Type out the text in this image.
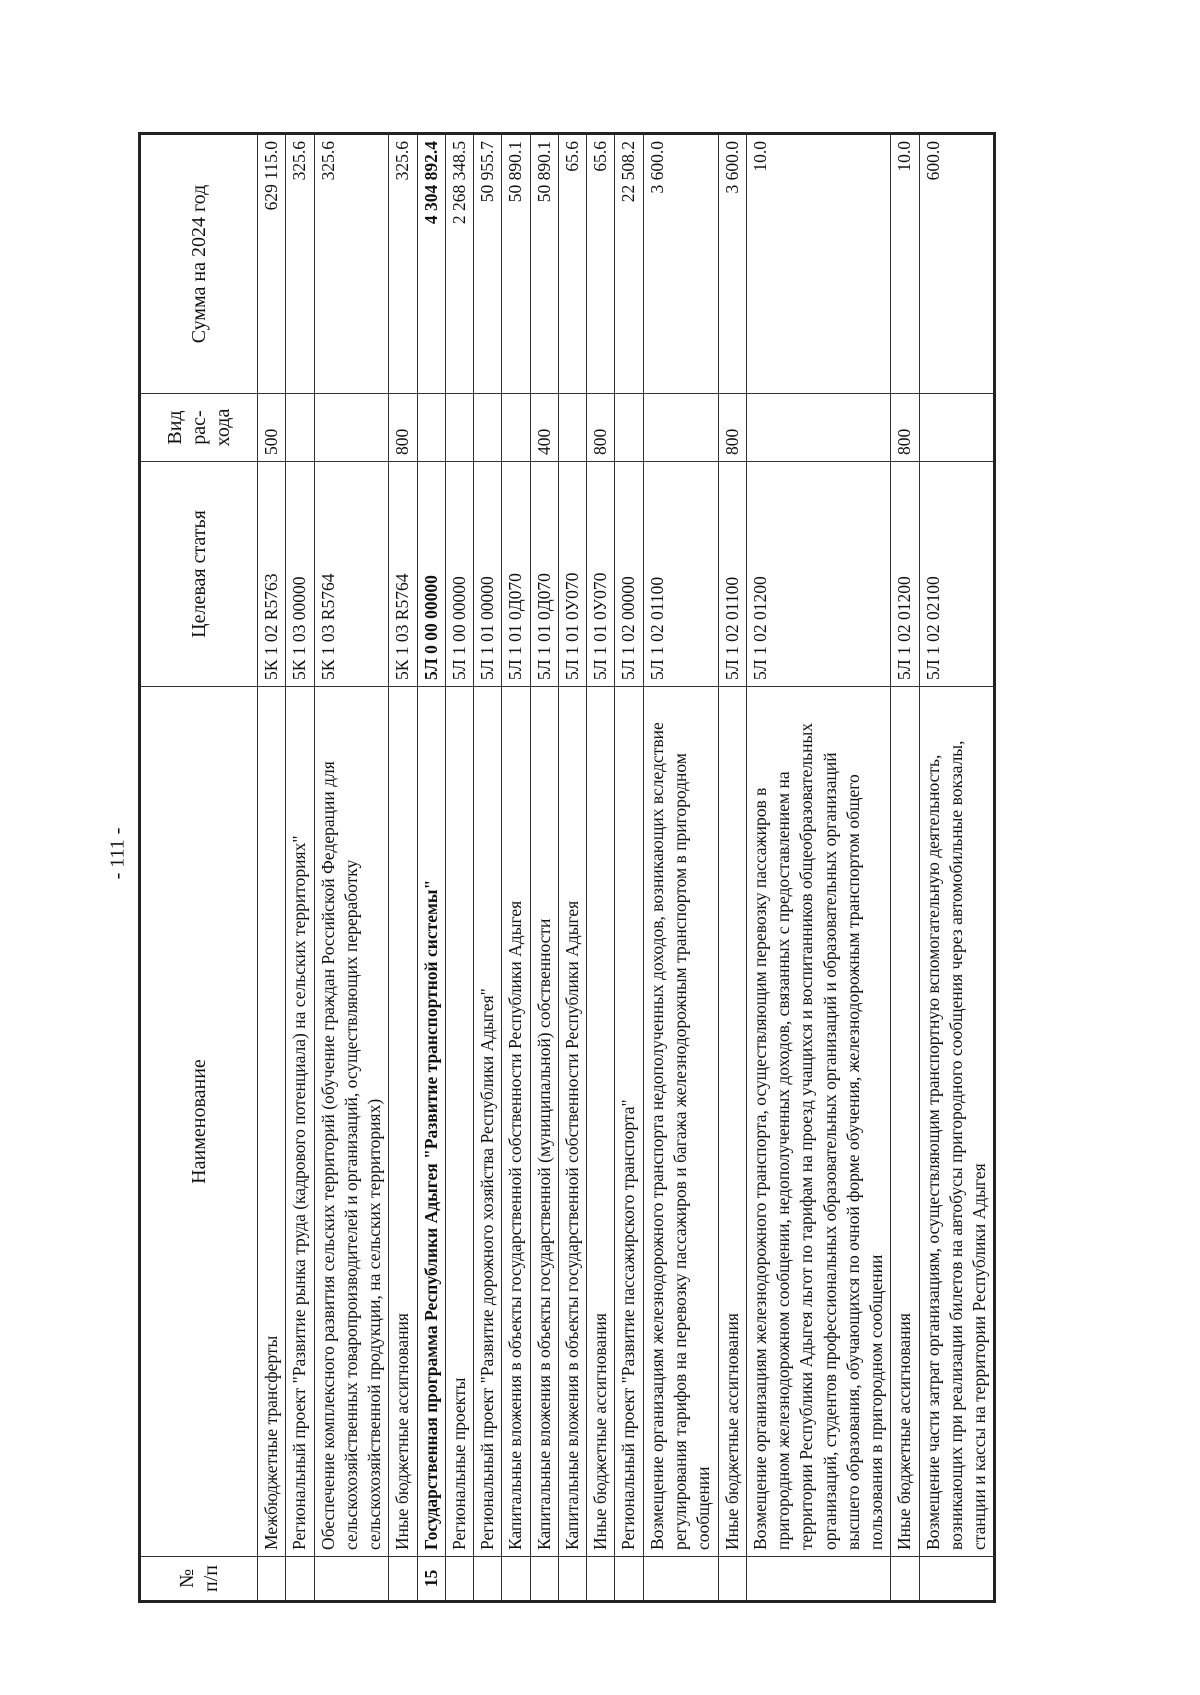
- 111 -
№ п/п	Наименование	Целевая статья	Вид рас- хода	Сумма на 2024 год
	Межбюджетные трансферты	5К 1 02 R5763	500	629 115.0
	Региональный проект "Развитие рынка труда (кадрового потенциала) на сельских территориях"	5К 1 03 00000		325.6
	Обеспечение комплексного развития сельских территорий (обучение граждан Российской Федерации для сельскохозяйственных товаропроизводителей и организаций, осуществляющих переработку сельскохозяйственной продукции, на сельских территориях)	5К 1 03 R5764		325.6
	Иные бюджетные ассигнования	5К 1 03 R5764	800	325.6
15	Государственная программа Республики Адыгея "Развитие транспортной системы"	5Л 0 00 00000		4 304 892.4
	Региональные проекты	5Л 1 00 00000		2 268 348.5
	Региональный проект "Развитие дорожного хозяйства Республики Адыгея"	5Л 1 01 00000		50 955.7
	Капитальные вложения в объекты государственной собственности Республики Адыгея	5Л 1 01 0Д070		50 890.1
	Капитальные вложения в объекты государственной (муниципальной) собственности	5Л 1 01 0Д070	400	50 890.1
	Капитальные вложения в объекты государственной собственности Республики Адыгея	5Л 1 01 0У070		65.6
	Иные бюджетные ассигнования	5Л 1 01 0У070	800	65.6
	Региональный проект "Развитие пассажирского транспорта"	5Л 1 02 00000		22 508.2
	Возмещение организациям железнодорожного транспорта недополученных доходов, возникающих вследствие регулирования тарифов на перевозку пассажиров и багажа железнодорожным транспортом в пригородном сообщении	5Л 1 02 01100		3 600.0
	Иные бюджетные ассигнования	5Л 1 02 01100	800	3 600.0
	Возмещение организациям железнодорожного транспорта, осуществляющим перевозку пассажиров в пригородном железнодорожном сообщении, недополученных доходов, связанных с предоставлением на территории Республики Адыгея льгот по тарифам на проезд учащихся и воспитанников общеобразовательных организаций, студентов профессиональных образовательных организаций и образовательных организаций высшего образования, обучающихся по очной форме обучения, железнодорожным транспортом общего пользования в пригородном сообщении	5Л 1 02 01200		10.0
	Иные бюджетные ассигнования	5Л 1 02 01200	800	10.0
	Возмещение части затрат организациям, осуществляющим транспортную вспомогательную деятельность, возникающих при реализации билетов на автобусы пригородного сообщения через автомобильные вокзалы, станции и кассы на территории Республики Адыгея	5Л 1 02 02100		600.0
